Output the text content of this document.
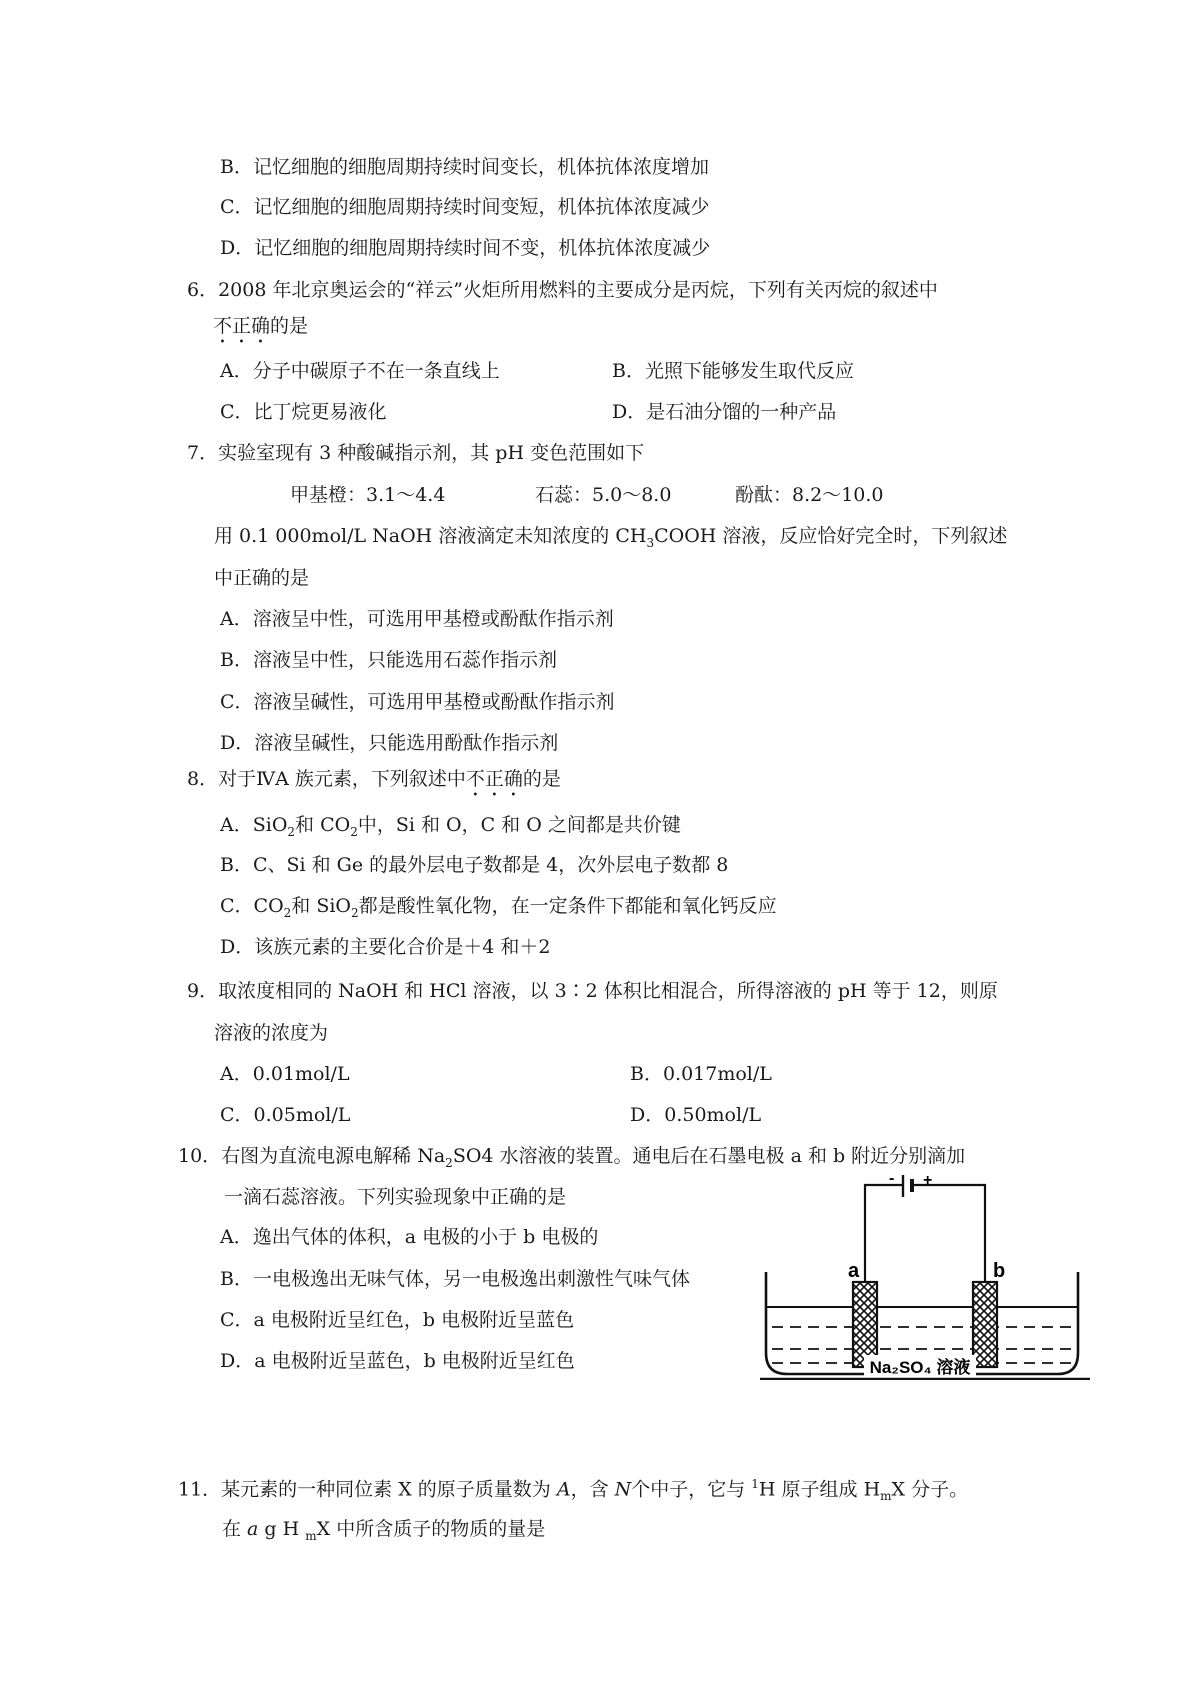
B．记忆细胞的细胞周期持续时间变长，机体抗体浓度增加
C．记忆细胞的细胞周期持续时间变短，机体抗体浓度减少
D．记忆细胞的细胞周期持续时间不变，机体抗体浓度减少
6．2008 年北京奥运会的“祥云”火炬所用燃料的主要成分是丙烷，下列有关丙烷的叙述中
不正确的是
A．分子中碳原子不在一条直线上	B．光照下能够发生取代反应
C．比丁烷更易液化	D．是石油分馏的一种产品
7．实验室现有 3 种酸碱指示剂，其 pH 变色范围如下
甲基橙：3.1～4.4	石蕊：5.0～8.0	酚酞：8.2～10.0
用 0.1 000mol/L NaOH 溶液滴定未知浓度的 $CH_3COOH$ 溶液，反应恰好完全时，下列叙述
中正确的是
A．溶液呈中性，可选用甲基橙或酚酞作指示剂
B．溶液呈中性，只能选用石蕊作指示剂
C．溶液呈碱性，可选用甲基橙或酚酞作指示剂
D．溶液呈碱性，只能选用酚酞作指示剂
8．对于ⅣA 族元素，下列叙述中不正确的是
A．SiO$_2$和 $CO_2$中，Si 和 O，C 和 O 之间都是共价键
B．C、Si 和 Ge 的最外层电子数都是 4，次外层电子数都 8
C．$CO_2$和 SiO$_2$都是酸性氧化物，在一定条件下都能和氧化钙反应
D．该族元素的主要化合价是＋4 和＋2
9．取浓度相同的 NaOH 和 HCl 溶液，以 3∶2 体积比相混合，所得溶液的 pH 等于 12，则原
溶液的浓度为
A．0.01mol/L	B．0.017mol/L
C．0.05mol/L	D．0.50mol/L
10．右图为直流电源电解稀 $Na_2SO4$ 水溶液的装置。通电后在石墨电极 a 和 b 附近分别滴加
一滴石蕊溶液。下列实验现象中正确的是
A．逸出气体的体积，a 电极的小于 b 电极的
B．一电极逸出无味气体，另一电极逸出刺激性气味气体
C．a 电极附近呈红色，b 电极附近呈蓝色
D．a 电极附近呈蓝色，b 电极附近呈红色
- +
a	b
Na₂SO₄ 溶液
11．某元素的一种同位素 X 的原子质量数为 A，含 N个中子，它与 $^1$H 原子组成 $H_mX$ 分子。
在 a g H $_m$X 中所含质子的物质的量是
